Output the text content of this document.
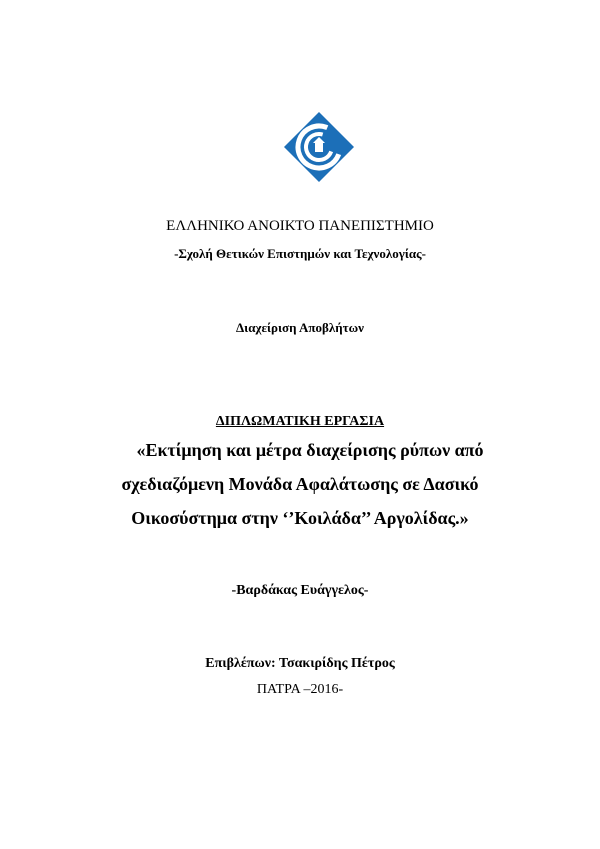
ΕΛΛΗΝΙΚΟ ΑΝΟΙΚΤΟ ΠΑΝΕΠΙΣΤΗΜΙΟ
-Σχολή Θετικών Επιστημών και Τεχνολογίας-
Διαχείριση Αποβλήτων
ΔΙΠΛΩΜΑΤΙΚΗ ΕΡΓΑΣΙΑ
«Εκτίμηση και μέτρα διαχείρισης ρύπων από
σχεδιαζόμενη Μονάδα Αφαλάτωσης σε Δασικό
Οικοσύστημα στην ‘’Κοιλάδα’’ Αργολίδας.»
-Βαρδάκας Ευάγγελος-
Επιβλέπων: Τσακιρίδης Πέτρος
ΠΑΤΡΑ –2016-
